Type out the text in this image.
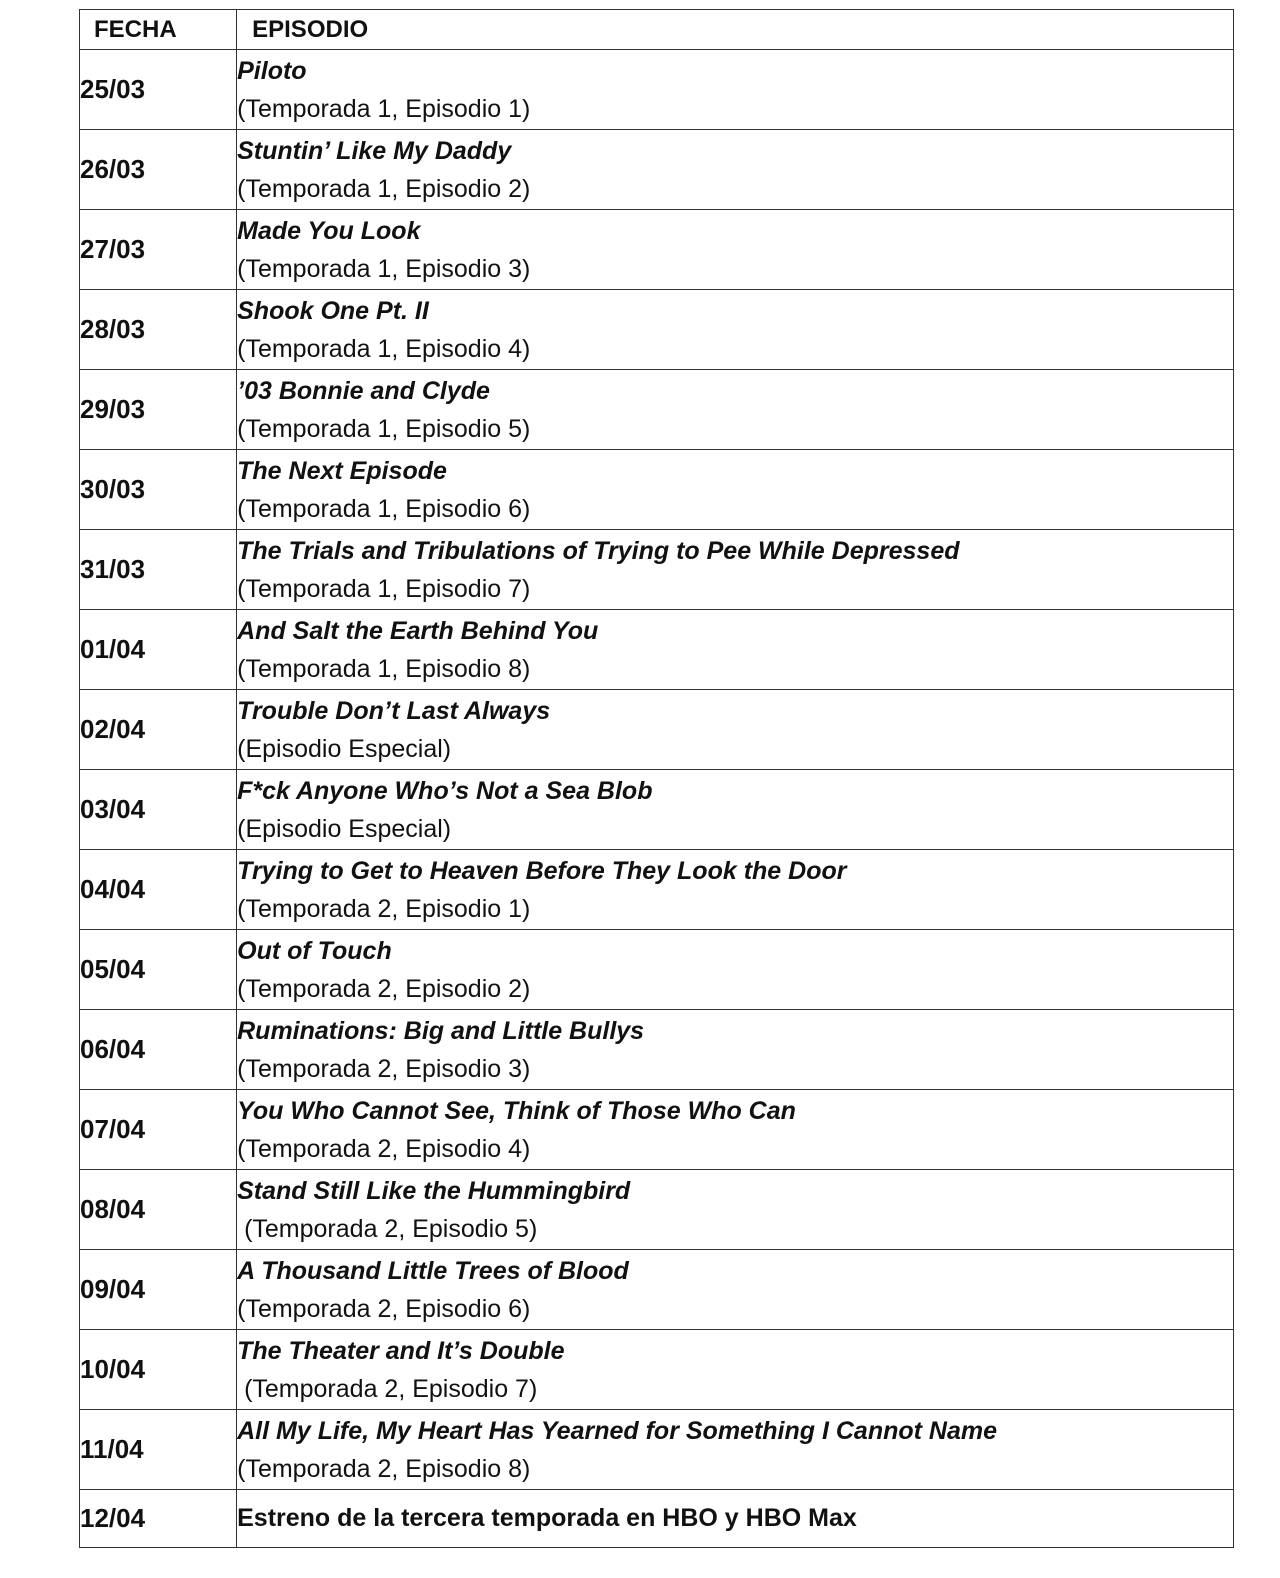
FECHA	EPISODIO
25/03	Piloto
(Temporada 1, Episodio 1)

26/03	Stuntin’ Like My Daddy
(Temporada 1, Episodio 2)

27/03	Made You Look
(Temporada 1, Episodio 3)

28/03	Shook One Pt. II
(Temporada 1, Episodio 4)

29/03	’03 Bonnie and Clyde
(Temporada 1, Episodio 5)

30/03	The Next Episode
(Temporada 1, Episodio 6)

31/03	The Trials and Tribulations of Trying to Pee While Depressed
(Temporada 1, Episodio 7)

01/04	And Salt the Earth Behind You
(Temporada 1, Episodio 8)

02/04	Trouble Don’t Last Always
(Episodio Especial)

03/04	F*ck Anyone Who’s Not a Sea Blob
(Episodio Especial)

04/04	Trying to Get to Heaven Before They Look the Door
(Temporada 2, Episodio 1)

05/04	Out of Touch
(Temporada 2, Episodio 2)

06/04	Ruminations: Big and Little Bullys
(Temporada 2, Episodio 3)

07/04	You Who Cannot See, Think of Those Who Can
(Temporada 2, Episodio 4)

08/04	Stand Still Like the Hummingbird
(Temporada 2, Episodio 5)

09/04	A Thousand Little Trees of Blood
(Temporada 2, Episodio 6)

10/04	The Theater and It’s Double
(Temporada 2, Episodio 7)

11/04	All My Life, My Heart Has Yearned for Something I Cannot Name
(Temporada 2, Episodio 8)

12/04	Estreno de la tercera temporada en HBO y HBO Max
